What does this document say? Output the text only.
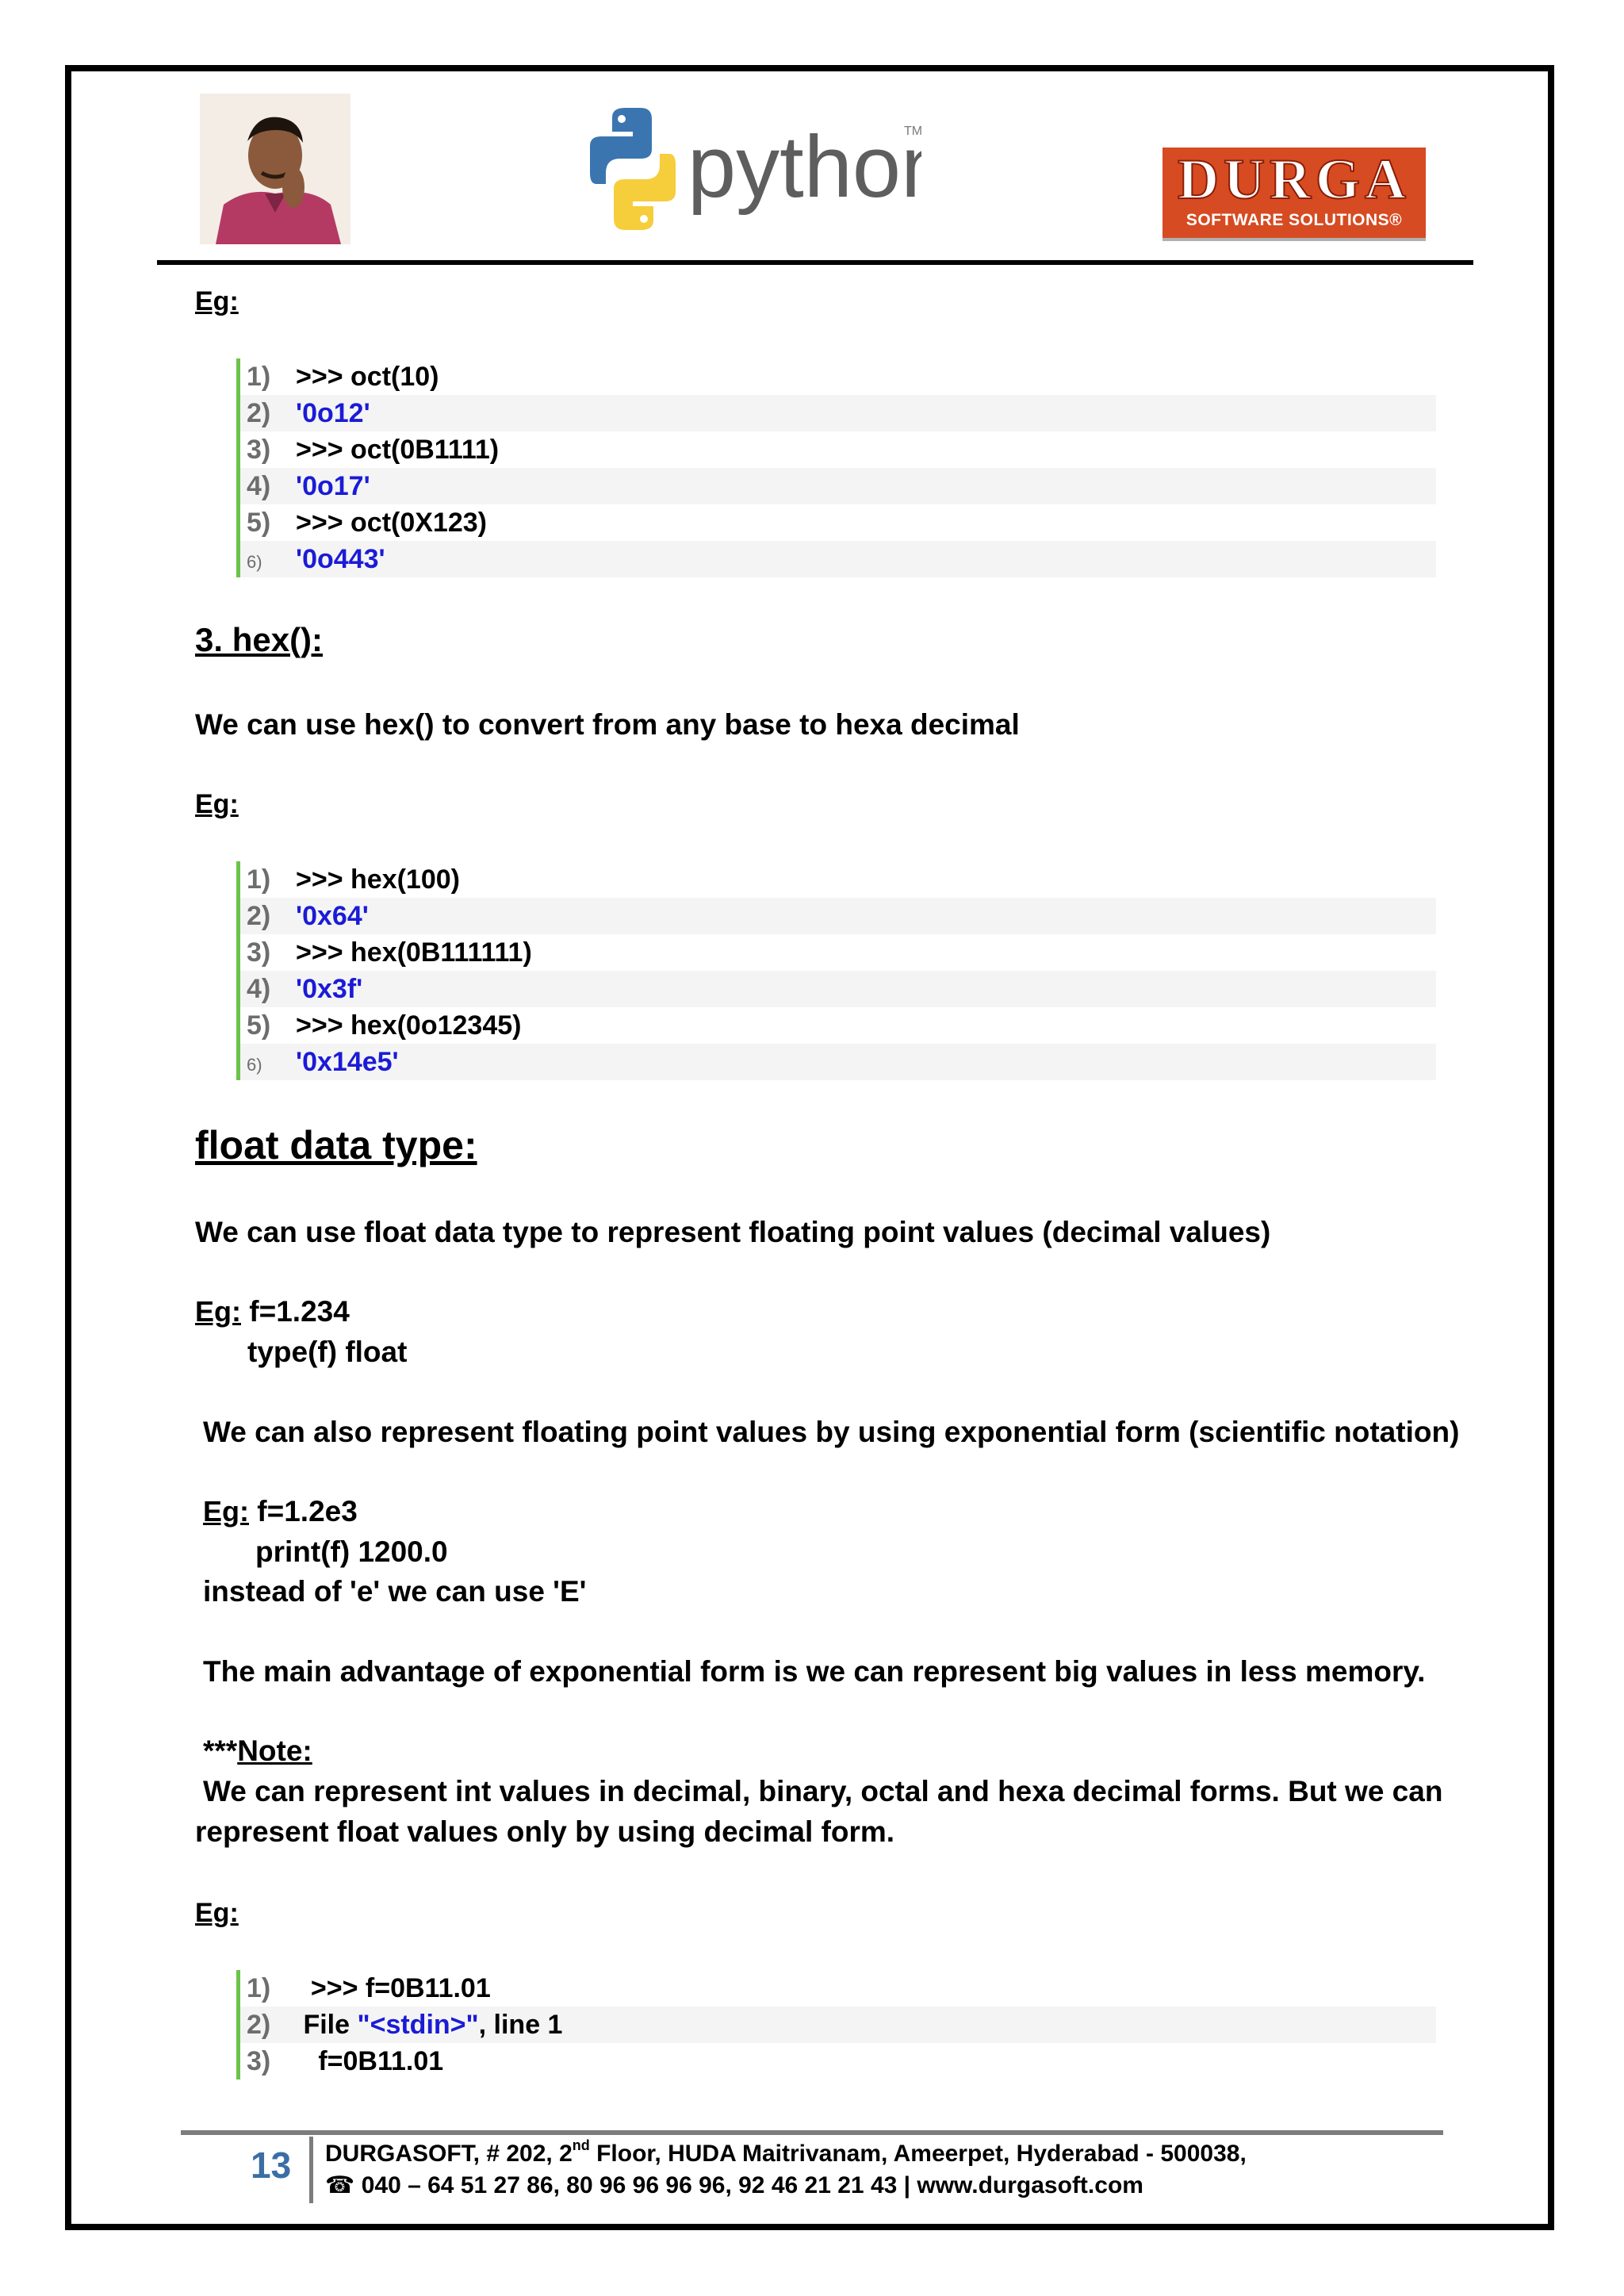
pytho TM
DURGA
SOFTWARE SOLUTIONS®
Eg:
1) >>> oct(10)
2) '0o12'
3) >>> oct(0B1111)
4) '0o17'
5) >>> oct(0X123)
6)	'0o443'
3. hex():
We can use hex() to convert from any base to hexa decimal
Eg:
1) >>> hex(100)
2) '0x64'
3) >>> hex(0B111111)
4) '0x3f'
5) >>> hex(0o12345)
6)	'0x14e5'
float data type:
We can use float data type to represent floating point values (decimal values)
Eg: f=1.234
type(f) float
We can also represent floating point values by using exponential form (scientific notation)
Eg: f=1.2e3
print(f) 1200.0
instead of 'e' we can use 'E'
The main advantage of exponential form is we can represent big values in less memory.
***Note:
We can represent int values in decimal, binary, octal and hexa decimal forms. But we can
represent float values only by using decimal form.
Eg:
1) >>> f=0B11.01
2) File "<stdin>", line 1
3) f=0B11.01
13 DURGASOFT, # 202, 2nd Floor, HUDA Maitrivanam, Ameerpet, Hyderabad - 500038,
☎ 040 – 64 51 27 86, 80 96 96 96 96, 92 46 21 21 43 | www.durgasoft.com
